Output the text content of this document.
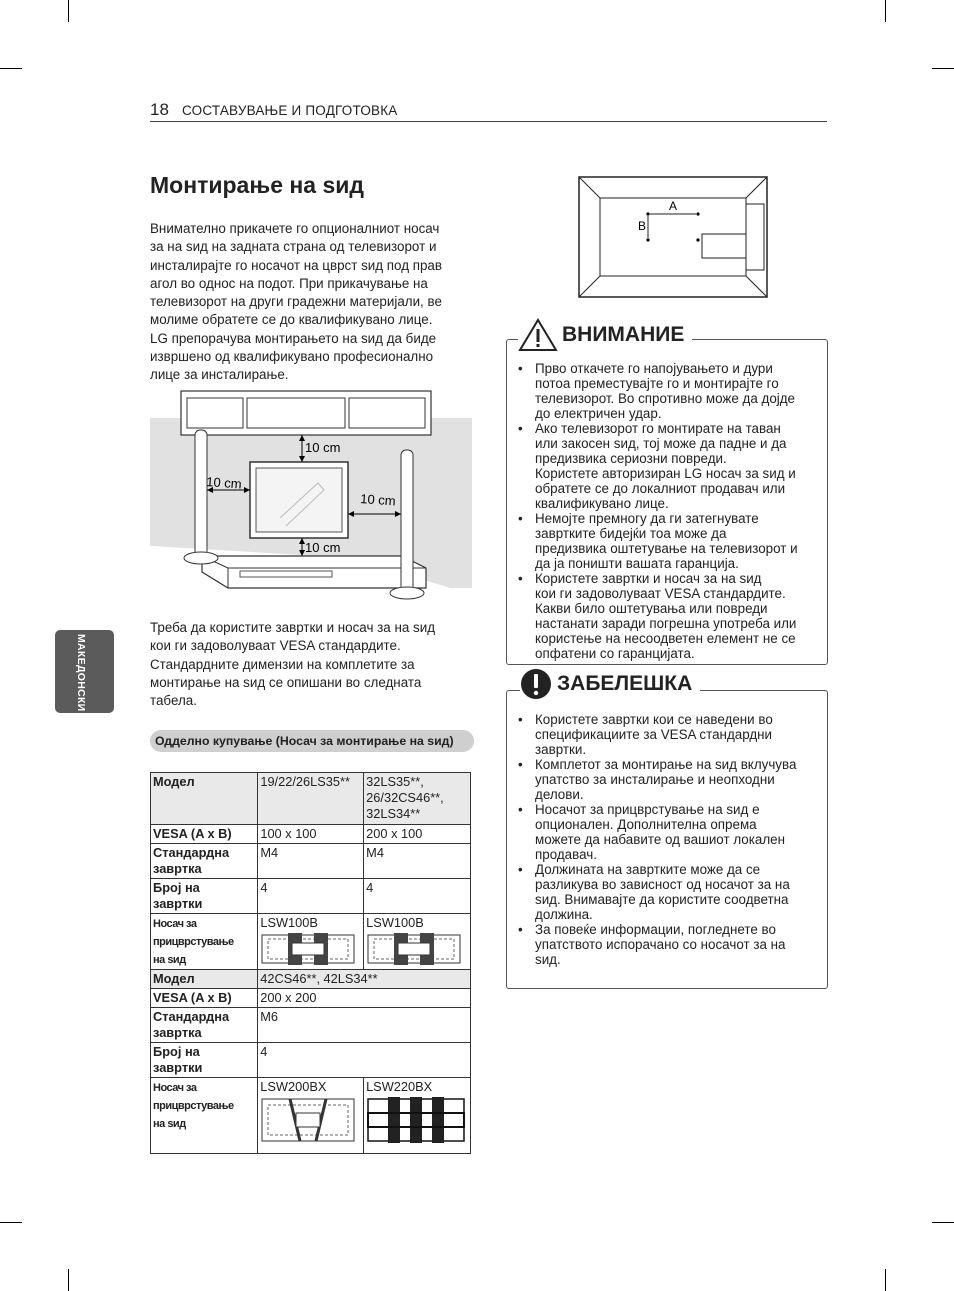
18 СОСТАВУВАЊЕ И ПОДГОТОВКА
Монтирање на ѕид
Внимателно прикачете го опционалниот носач
за на ѕид на задната страна од телевизорот и
инсталирајте го носачот на цврст ѕид под прав
агол во однос на подот. При прикачување на
телевизорот на други градежни материјали, ве
молиме обратете се до квалификувано лице.
LG препорачува монтирањето на ѕид да биде
извршено од квалификувано професионално
лице за инсталирање.
10 cm
10 cm
10 cm
10 cm
Треба да користите завртки и носач за на ѕид
кои ги задоволуваат VESA стандардите.
Стандардните димензии на комплетите за
монтирање на ѕид се опишани во следната
табела.
МАКЕДОНСКИ
Одделно купување (Носач за монтирање на ѕид)
Модел	19/22/26LS35**	32LS35**,
26/32CS46**,
32LS34**

VESA (A x B)	100 x 100	200 x 100

Стандардна
завртка	M4	M4

Број на
завртки	4	4

Носач за
прицврстување
на ѕид	LSW100B	LSW100B
Модел	42CS46**, 42LS34**	
VESA (A x B)	200 x 200	

Стандардна
завртка	M6	

Број на
завртки	4	

Носач за
прицврстување
на ѕид	LSW200BX	LSW220BX
A
B
ВНИМАНИЕ
• Прво откачете го напојувањето и дури
потоа преместувајте го и монтирајте го
телевизорот. Во спротивно може да дојде
до електричен удар.
• Ако телевизорот го монтирате на таван
или закосен ѕид, тој може да падне и да
предизвика сериозни повреди.
Користете авторизиран LG носач за ѕид и
обратете се до локалниот продавач или
квалификувано лице.
• Немојте премногу да ги затегнувате
завртките бидејќи тоа може да
предизвика оштетување на телевизорот и
да ја поништи вашата гаранција.
• Користете завртки и носач за на ѕид
кои ги задоволуваат VESA стандардите.
Какви било оштетувања или повреди
настанати заради погрешна употреба или
користење на несоодветен елемент не се
опфатени со гаранцијата.
ЗАБЕЛЕШКА
• Користете завртки кои се наведени во
спецификациите за VESA стандардни
завртки.
• Комплетот за монтирање на ѕид вклучува
упатство за инсталирање и неопходни
делови.
• Носачот за прицврстување на ѕид е
опционален. Дополнителна опрема
можете да набавите од вашиот локален
продавач.
• Должината на завртките може да се
разликува во зависност од носачот за на
ѕид. Внимавајте да користите соодветна
должина.
• За повеќе информации, погледнете во
упатството испорачано со носачот за на
ѕид.
